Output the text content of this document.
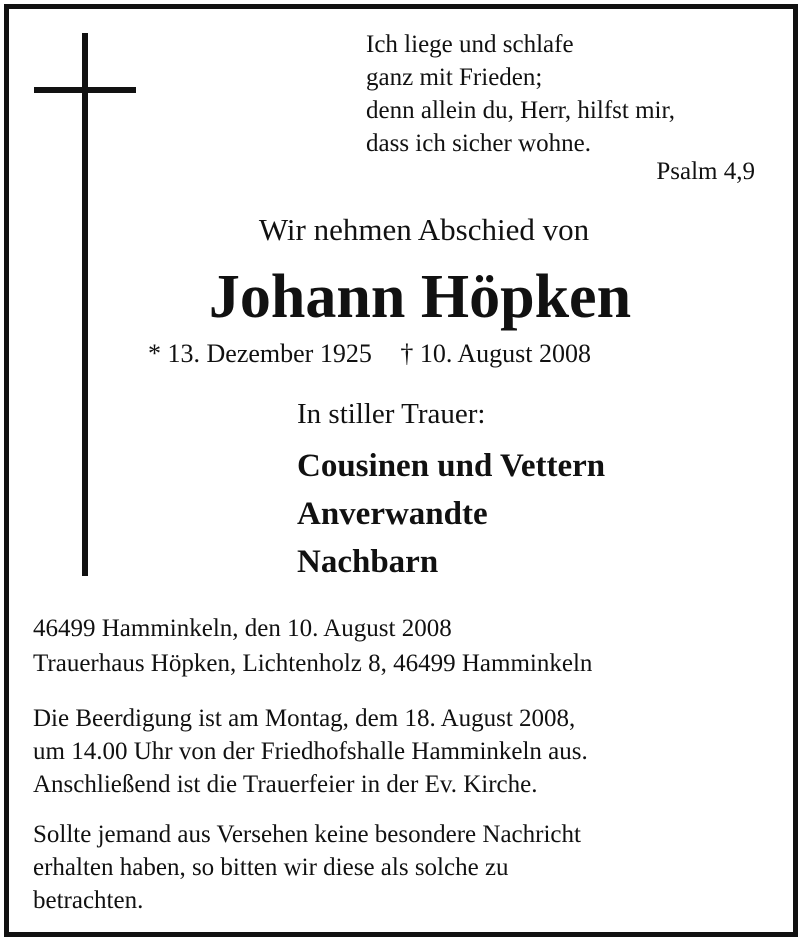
Ich liege und schlafe
ganz mit Frieden;
denn allein du, Herr, hilfst mir,
dass ich sicher wohne.
Psalm 4,9
Wir nehmen Abschied von
Johann Höpken
* 13. Dezember 1925 † 10. August 2008
In stiller Trauer:
Cousinen und Vettern
Anverwandte
Nachbarn
46499 Hamminkeln, den 10. August 2008
Trauerhaus Höpken, Lichtenholz 8, 46499 Hamminkeln
Die Beerdigung ist am Montag, dem 18. August 2008,
um 14.00 Uhr von der Friedhofshalle Hamminkeln aus.
Anschließend ist die Trauerfeier in der Ev. Kirche.
Sollte jemand aus Versehen keine besondere Nachricht
erhalten haben, so bitten wir diese als solche zu
betrachten.
